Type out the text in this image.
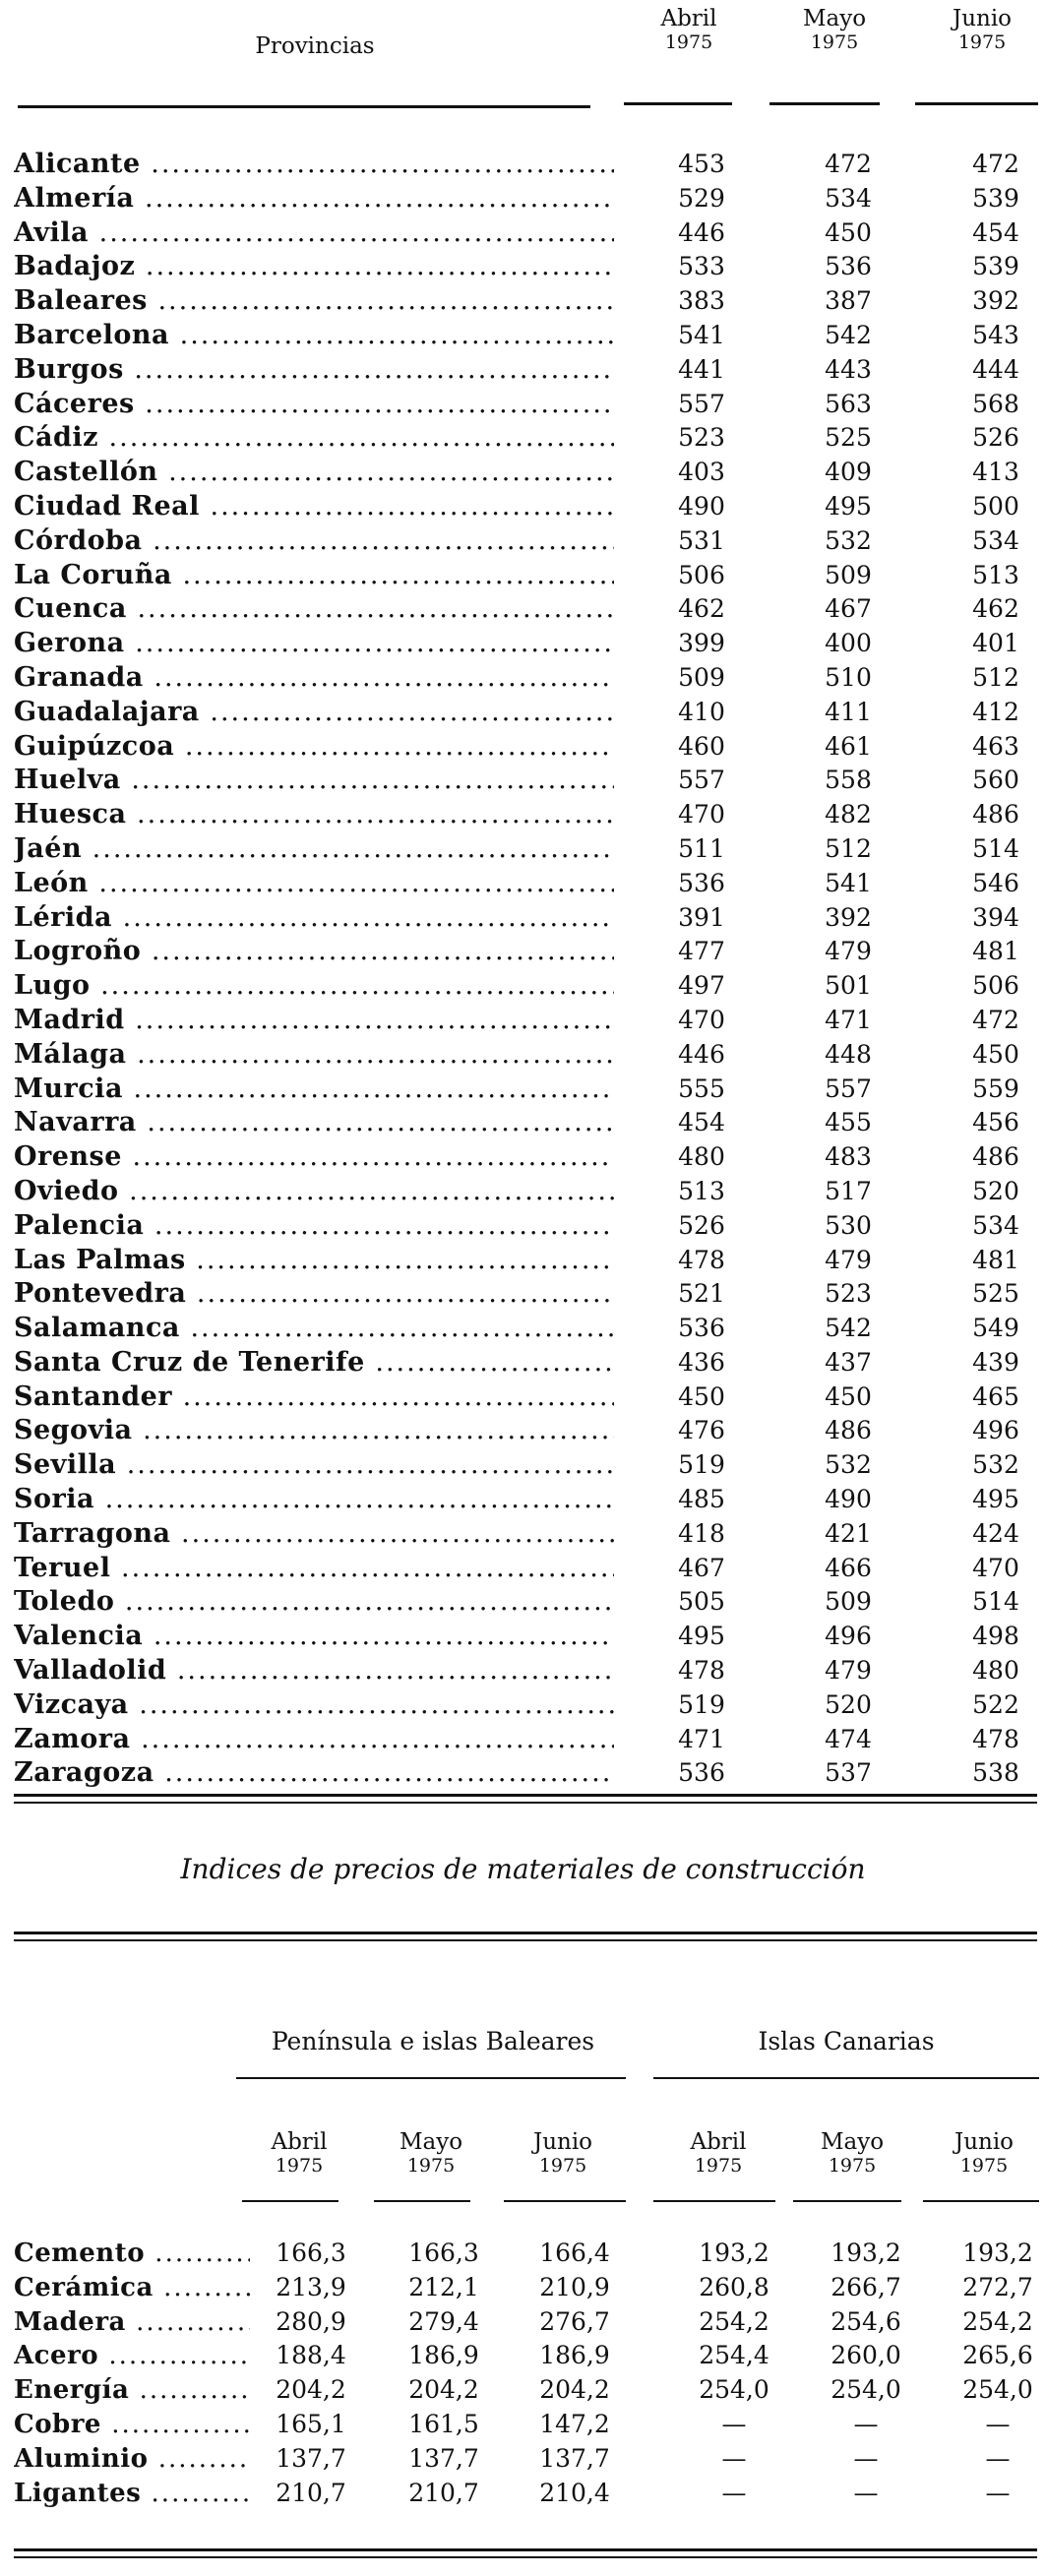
Provincias
Abril
1975
Mayo
1975
Junio
1975
Alicante .....	453	472	472
Almería .....	529	534	539
Avila .....	446	450	454
Badajoz .....	533	536	539
Baleares .....	383	387	392
Barcelona .....	541	542	543
Burgos .....	441	443	444
Cáceres .....	557	563	568
Cádiz .....	523	525	526
Castellón .....	403	409	413
Ciudad Real .....	490	495	500
Córdoba .....	531	532	534
La Coruña .....	506	509	513
Cuenca .....	462	467	462
Gerona .....	399	400	401
Granada .....	509	510	512
Guadalajara .....	410	411	412
Guipúzcoa .....	460	461	463
Huelva .....	557	558	560
Huesca .....	470	482	486
Jaén .....	511	512	514
León .....	536	541	546
Lérida .....	391	392	394
Logroño .....	477	479	481
Lugo .....	497	501	506
Madrid .....	470	471	472
Málaga .....	446	448	450
Murcia .....	555	557	559
Navarra .....	454	455	456
Orense .....	480	483	486
Oviedo .....	513	517	520
Palencia .....	526	530	534
Las Palmas .....	478	479	481
Pontevedra .....	521	523	525
Salamanca .....	536	542	549
Santa Cruz de Tenerife .....	436	437	439
Santander .....	450	450	465
Segovia .....	476	486	496
Sevilla .....	519	532	532
Soria .....	485	490	495
Tarragona .....	418	421	424
Teruel .....	467	466	470
Toledo .....	505	509	514
Valencia .....	495	496	498
Valladolid .....	478	479	480
Vizcaya .....	519	520	522
Zamora .....	471	474	478
Zaragoza .....	536	537	538
Indices de precios de materiales de construcción
Península e islas Baleares	Islas Canarias
Abril
1975
Mayo
1975
Junio
1975
Abril
1975
Mayo
1975
Junio
1975
Cemento .....	166,3	166,3	166,4	193,2	193,2	193,2
Cerámica .....	213,9	212,1	210,9	260,8	266,7	272,7
Madera .....	280,9	279,4	276,7	254,2	254,6	254,2
Acero .....	188,4	186,9	186,9	254,4	260,0	265,6
Energía .....	204,2	204,2	204,2	254,0	254,0	254,0
Cobre .....	165,1	161,5	147,2	—	—	—
Aluminio .....	137,7	137,7	137,7	—	—	—
Ligantes .....	210,7	210,7	210,4	—	—	—
